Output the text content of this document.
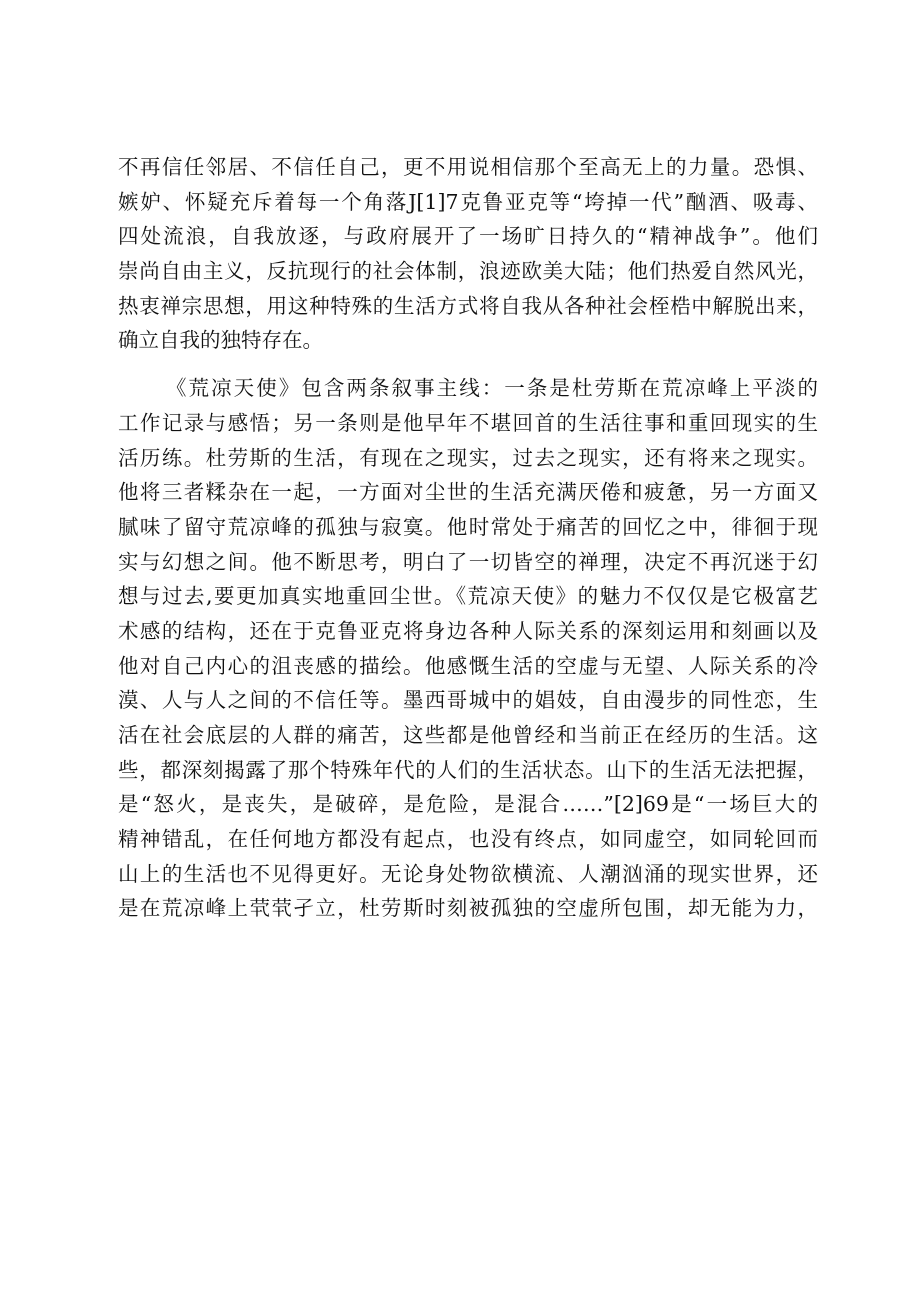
不再信任邻居、不信任自己，更不用说相信那个至高无上的力量。恐惧、
嫉妒、怀疑充斥着每一个角落J[1]7克鲁亚克等“垮掉一代”酗酒、吸毒、
四处流浪，自我放逐，与政府展开了一场旷日持久的“精神战争”。他们
崇尚自由主义，反抗现行的社会体制，浪迹欧美大陆；他们热爱自然风光，
热衷禅宗思想，用这种特殊的生活方式将自我从各种社会桎梏中解脱出来，
确立自我的独特存在。
《荒凉天使》包含两条叙事主线：一条是杜劳斯在荒凉峰上平淡的
工作记录与感悟；另一条则是他早年不堪回首的生活往事和重回现实的生
活历练。杜劳斯的生活，有现在之现实，过去之现实，还有将来之现实。
他将三者糅杂在一起，一方面对尘世的生活充满厌倦和疲惫，另一方面又
腻味了留守荒凉峰的孤独与寂寞。他时常处于痛苦的回忆之中，徘徊于现
实与幻想之间。他不断思考，明白了一切皆空的禅理，决定不再沉迷于幻
想与过去,要更加真实地重回尘世。《荒凉天使》的魅力不仅仅是它极富艺
术感的结构，还在于克鲁亚克将身边各种人际关系的深刻运用和刻画以及
他对自己内心的沮丧感的描绘。他感慨生活的空虚与无望、人际关系的冷
漠、人与人之间的不信任等。墨西哥城中的娼妓，自由漫步的同性恋，生
活在社会底层的人群的痛苦，这些都是他曾经和当前正在经历的生活。这
些，都深刻揭露了那个特殊年代的人们的生活状态。山下的生活无法把握，
是“怒火，是丧失，是破碎，是危险，是混合……”[2]69是“一场巨大的
精神错乱，在任何地方都没有起点，也没有终点，如同虚空，如同轮回而
山上的生活也不见得更好。无论身处物欲横流、人潮汹涌的现实世界，还
是在荒凉峰上茕茕孑立，杜劳斯时刻被孤独的空虚所包围，却无能为力，
